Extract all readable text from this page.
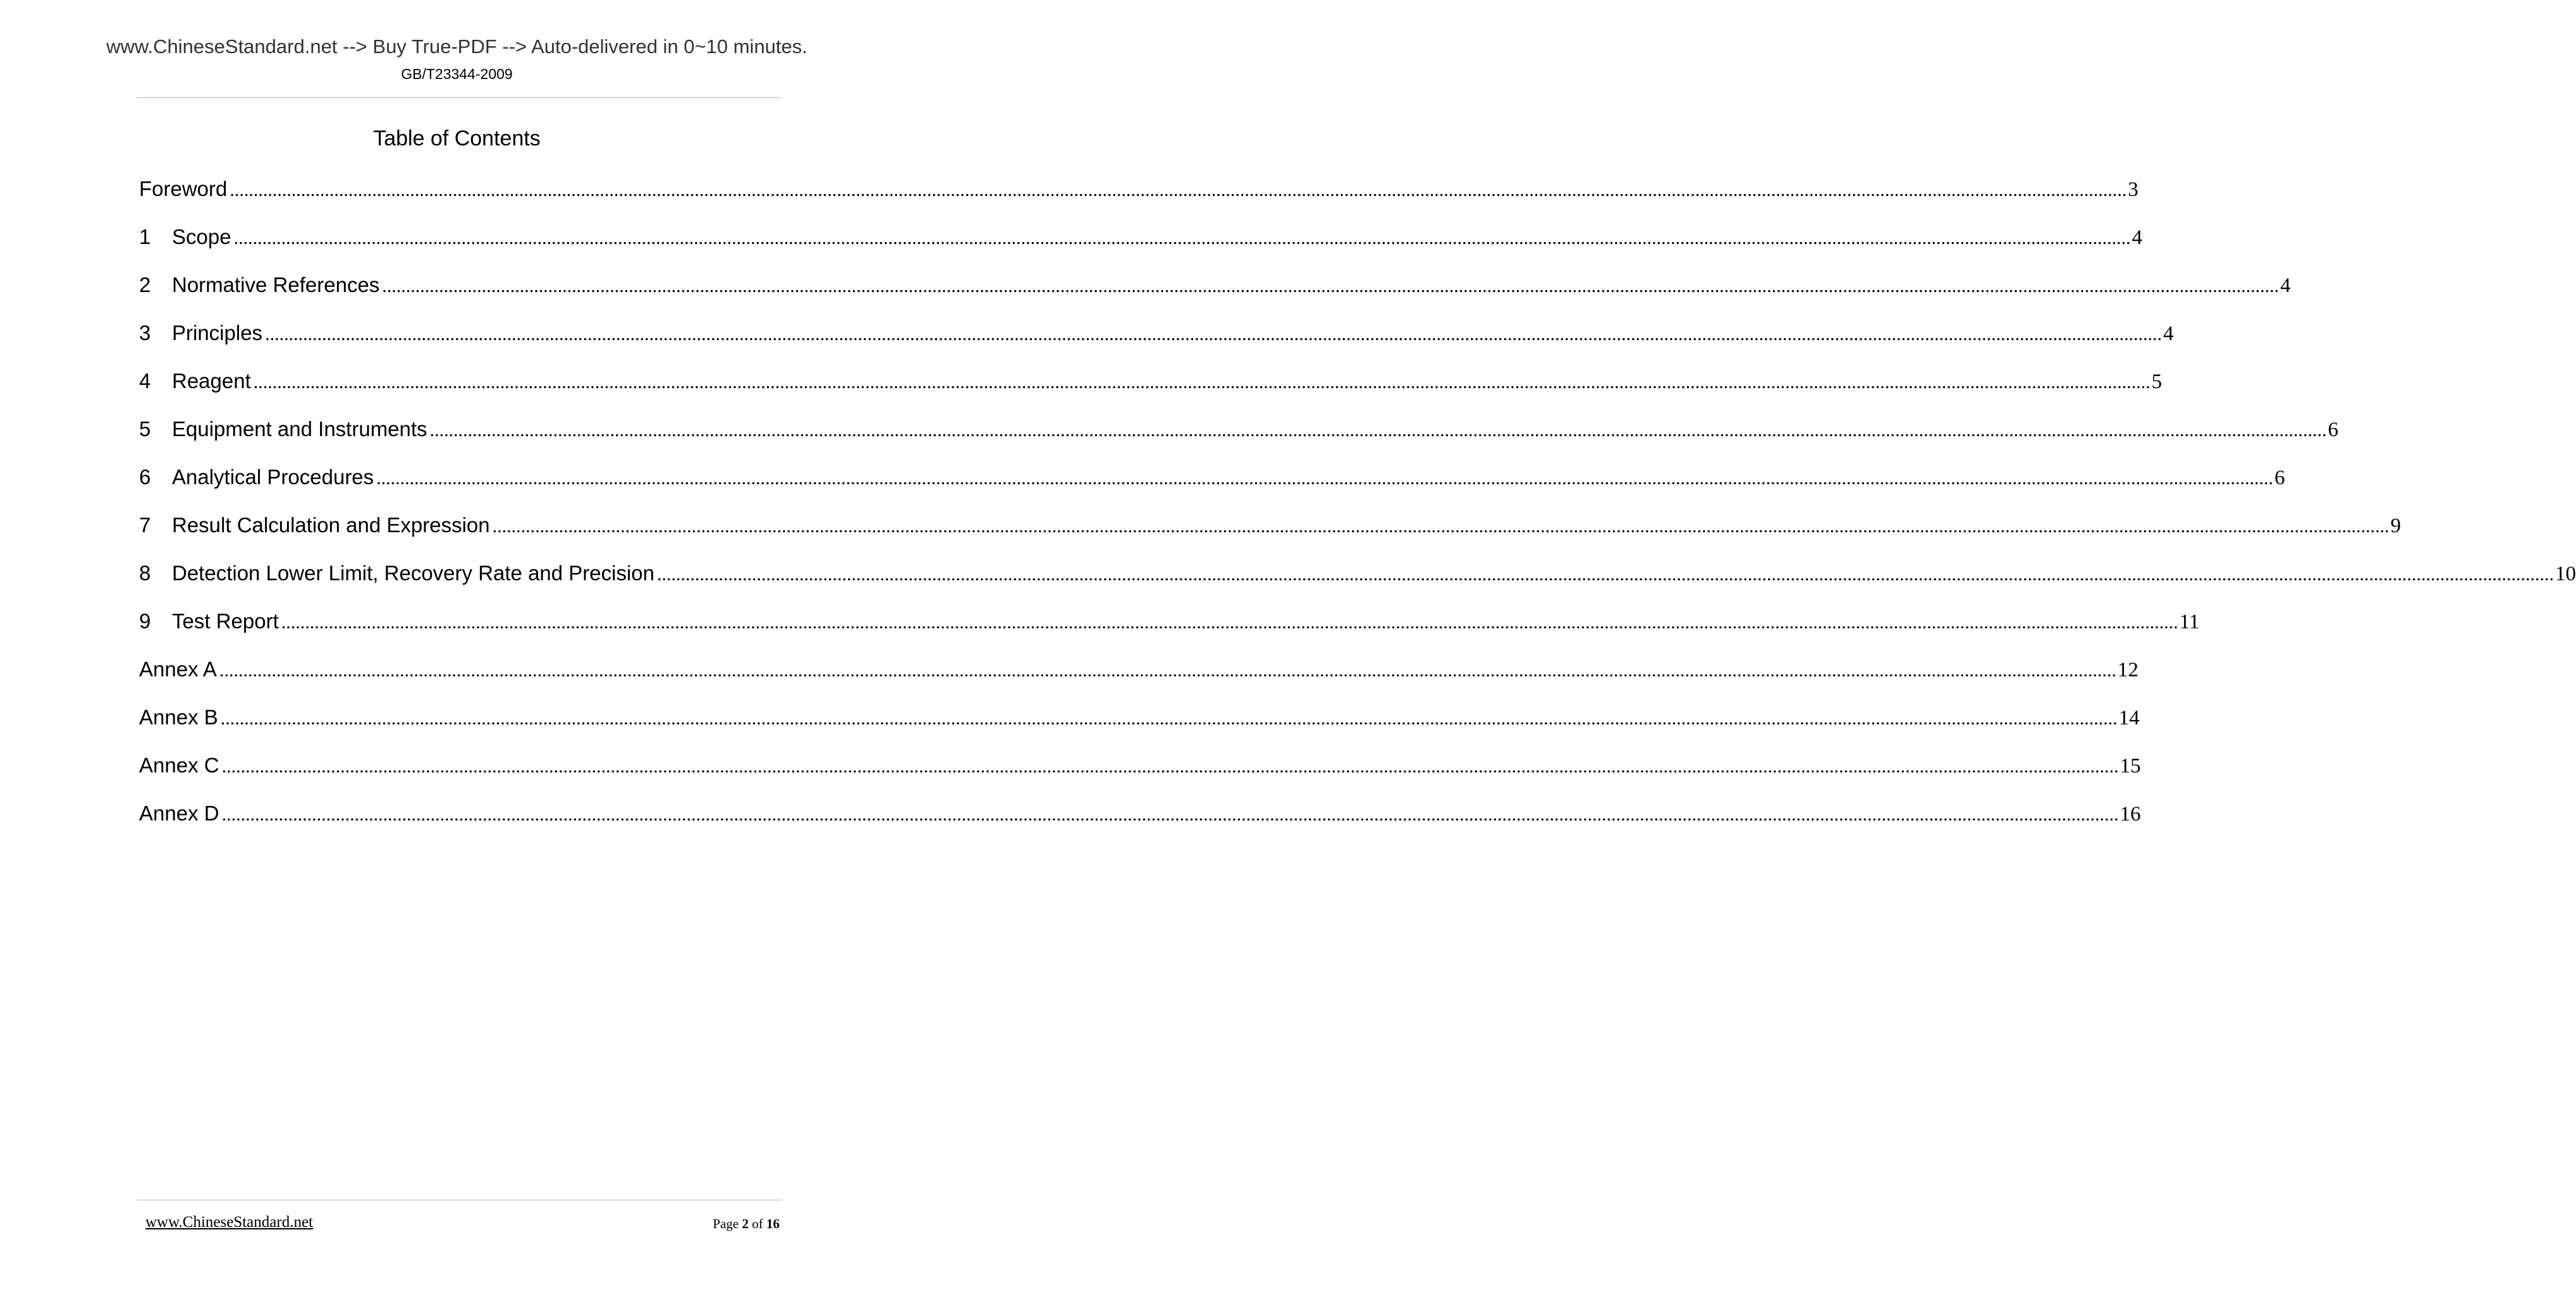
www.ChineseStandard.net --> Buy True-PDF --> Auto-delivered in 0~10 minutes.
GB/T23344-2009
Table of Contents
Foreword ................................................................................................................................................................................................................................................................................................................................................................................................................ 3
1	Scope ................................................................................................................................................................................................................................................................................................................................................................................................................ 4
2	Normative References ................................................................................................................................................................................................................................................................................................................................................................................................................ 4
3	Principles ................................................................................................................................................................................................................................................................................................................................................................................................................ 4
4	Reagent ................................................................................................................................................................................................................................................................................................................................................................................................................ 5
5	Equipment and Instruments ................................................................................................................................................................................................................................................................................................................................................................................................................ 6
6	Analytical Procedures ................................................................................................................................................................................................................................................................................................................................................................................................................ 6
7	Result Calculation and Expression ................................................................................................................................................................................................................................................................................................................................................................................................................ 9
8	Detection Lower Limit, Recovery Rate and Precision ................................................................................................................................................................................................................................................................................................................................................................................................................ 10
9	Test Report ................................................................................................................................................................................................................................................................................................................................................................................................................ 11
Annex A ................................................................................................................................................................................................................................................................................................................................................................................................................ 12
Annex B ................................................................................................................................................................................................................................................................................................................................................................................................................ 14
Annex C ................................................................................................................................................................................................................................................................................................................................................................................................................ 15
Annex D ................................................................................................................................................................................................................................................................................................................................................................................................................ 16
www.ChineseStandard.net	Page 2 of 16
